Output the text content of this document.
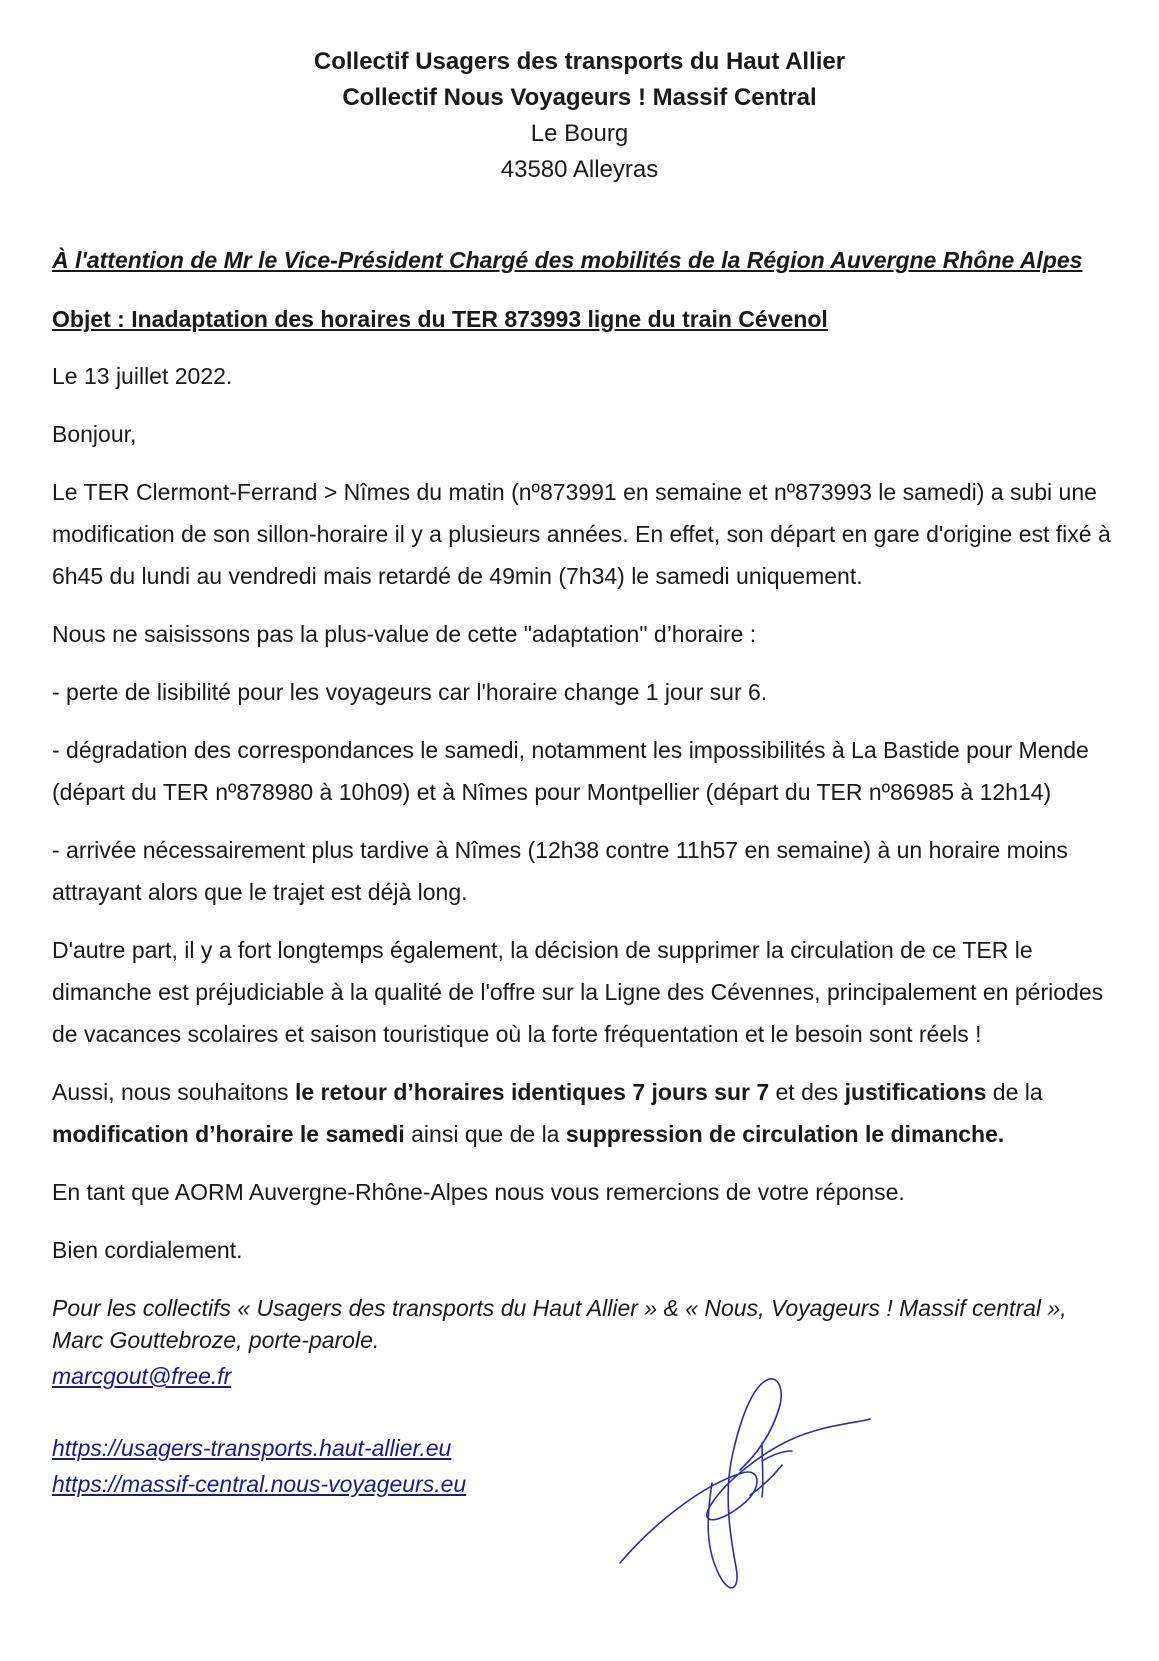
Collectif Usagers des transports du Haut Allier
Collectif Nous Voyageurs ! Massif Central
Le Bourg
43580 Alleyras
À l'attention de Mr le Vice-Président Chargé des mobilités de la Région Auvergne Rhône Alpes
Objet : Inadaptation des horaires du TER 873993 ligne du train Cévenol

Le 13 juillet 2022.

Bonjour,

Le TER Clermont-Ferrand > Nîmes du matin (nº873991 en semaine et nº873993 le samedi) a subi une modification de son sillon-horaire il y a plusieurs années. En effet, son départ en gare d'origine est fixé à 6h45 du lundi au vendredi mais retardé de 49min (7h34) le samedi uniquement.

Nous ne saisissons pas la plus-value de cette "adaptation" d’horaire :

- perte de lisibilité pour les voyageurs car l'horaire change 1 jour sur 6.

- dégradation des correspondances le samedi, notamment les impossibilités à La Bastide pour Mende (départ du TER nº878980 à 10h09) et à Nîmes pour Montpellier (départ du TER nº86985 à 12h14)

- arrivée nécessairement plus tardive à Nîmes (12h38 contre 11h57 en semaine) à un horaire moins attrayant alors que le trajet est déjà long.

D'autre part, il y a fort longtemps également, la décision de supprimer la circulation de ce TER le dimanche est préjudiciable à la qualité de l'offre sur la Ligne des Cévennes, principalement en périodes de vacances scolaires et saison touristique où la forte fréquentation et le besoin sont réels !

Aussi, nous souhaitons le retour d’horaires identiques 7 jours sur 7 et des justifications de la modification d’horaire le samedi ainsi que de la suppression de circulation le dimanche.

En tant que AORM Auvergne-Rhône-Alpes nous vous remercions de votre réponse.

Bien cordialement.

Pour les collectifs « Usagers des transports du Haut Allier » & « Nous, Voyageurs ! Massif central »,

Marc Gouttebroze, porte-parole.
marcgout@free.fr
https://usagers-transports.haut-allier.eu
https://massif-central.nous-voyageurs.eu
